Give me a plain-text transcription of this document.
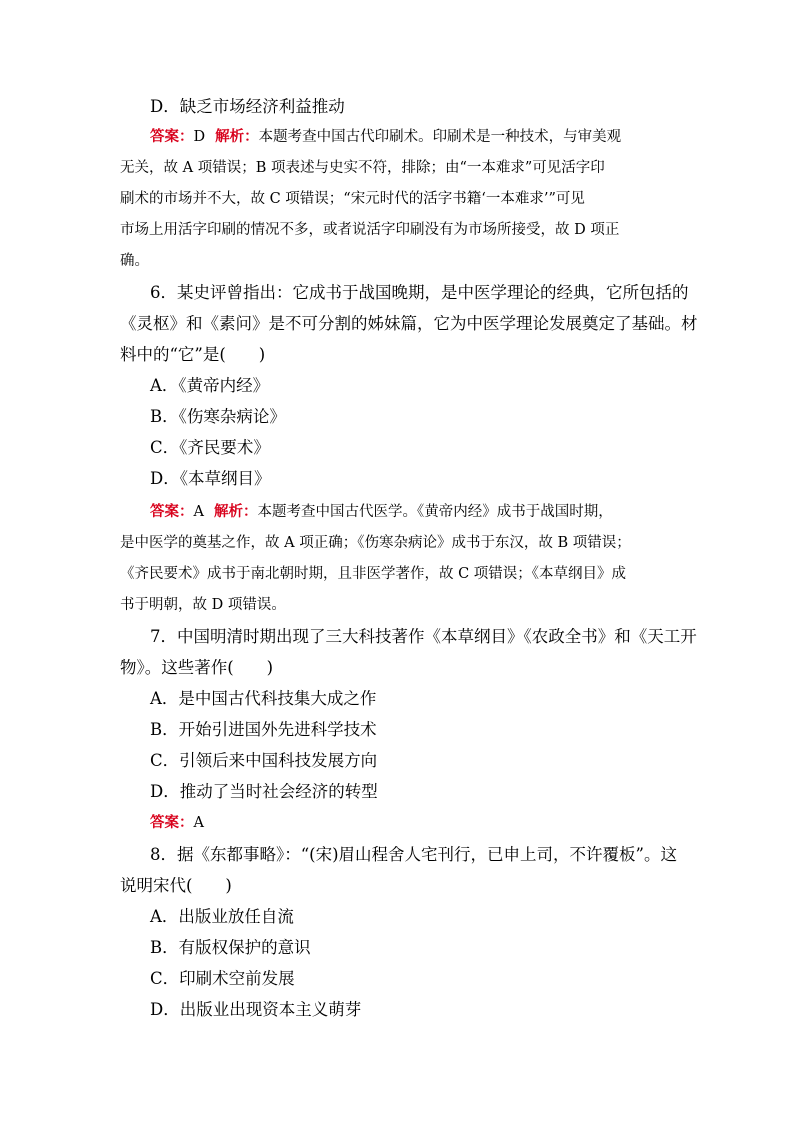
D．缺乏市场经济利益推动
答案：D 解析：本题考查中国古代印刷术。印刷术是一种技术，与审美观
无关，故 A 项错误；B 项表述与史实不符，排除；由“一本难求”可见活字印
刷术的市场并不大，故 C 项错误；“宋元时代的活字书籍‘一本难求’”可见
市场上用活字印刷的情况不多，或者说活字印刷没有为市场所接受，故 D 项正
确。
6．某史评曾指出：它成书于战国晚期，是中医学理论的经典，它所包括的
《灵枢》和《素问》是不可分割的姊妹篇，它为中医学理论发展奠定了基础。材
料中的“它”是(　　)
A．《黄帝内经》
B．《伤寒杂病论》
C．《齐民要术》
D．《本草纲目》
答案：A 解析：本题考查中国古代医学。《黄帝内经》成书于战国时期，
是中医学的奠基之作，故 A 项正确；《伤寒杂病论》成书于东汉，故 B 项错误；
《齐民要术》成书于南北朝时期，且非医学著作，故 C 项错误；《本草纲目》成
书于明朝，故 D 项错误。
7．中国明清时期出现了三大科技著作《本草纲目》《农政全书》和《天工开
物》。这些著作(　　)
A．是中国古代科技集大成之作
B．开始引进国外先进科学技术
C．引领后来中国科技发展方向
D．推动了当时社会经济的转型
答案：A
8．据《东都事略》：“(宋)眉山程舍人宅刊行，已申上司，不许覆板”。这
说明宋代(　　)
A．出版业放任自流
B．有版权保护的意识
C．印刷术空前发展
D．出版业出现资本主义萌芽
